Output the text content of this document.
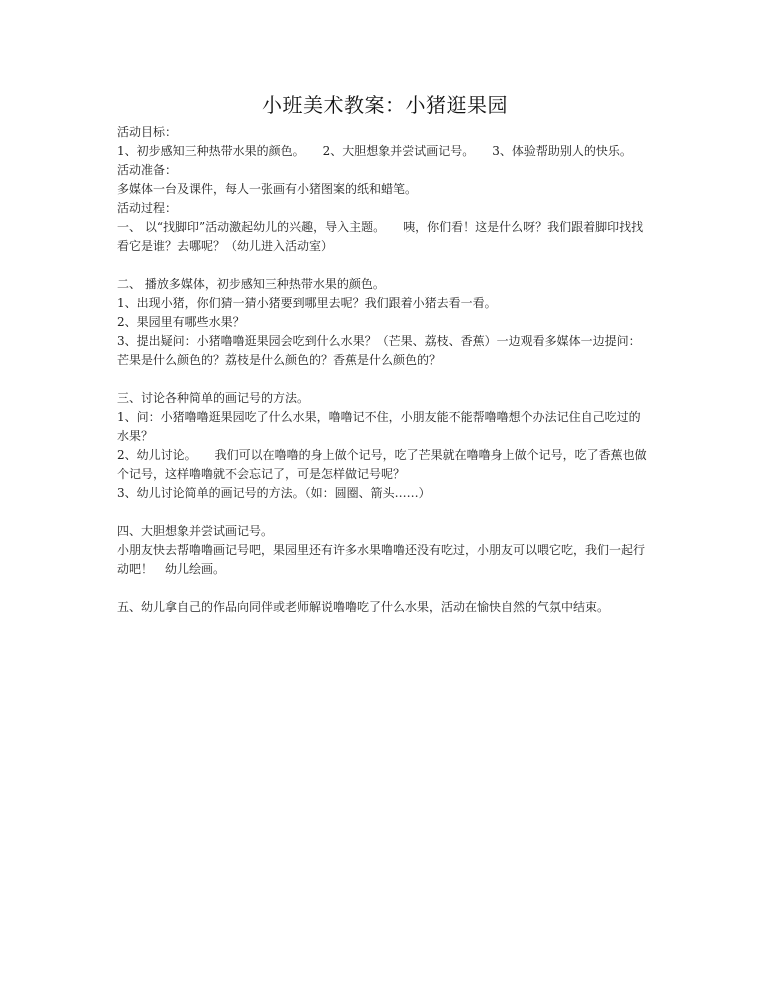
小班美术教案：小猪逛果园
活动目标：
1、初步感知三种热带水果的颜色。　　2、大胆想象并尝试画记号。　　3、体验帮助别人的快乐。
活动准备：
多媒体一台及课件，每人一张画有小猪图案的纸和蜡笔。
活动过程：
一、 以“找脚印”活动激起幼儿的兴趣，导入主题。　　咦，你们看！这是什么呀？我们跟着脚印找找看它是谁？去哪呢？（幼儿进入活动室）
二、 播放多媒体，初步感知三种热带水果的颜色。
1、出现小猪，你们猜一猜小猪要到哪里去呢？我们跟着小猪去看一看。
2、果园里有哪些水果？
3、提出疑问：小猪噜噜逛果园会吃到什么水果？（芒果、荔枝、香蕉）一边观看多媒体一边提问：芒果是什么颜色的？荔枝是什么颜色的？香蕉是什么颜色的？
三、讨论各种简单的画记号的方法。
1、问：小猪噜噜逛果园吃了什么水果，噜噜记不住，小朋友能不能帮噜噜想个办法记住自己吃过的水果？
2、幼儿讨论。　　我们可以在噜噜的身上做个记号，吃了芒果就在噜噜身上做个记号，吃了香蕉也做个记号，这样噜噜就不会忘记了，可是怎样做记号呢？
3、幼儿讨论简单的画记号的方法。（如：圆圈、箭头……）
四、大胆想象并尝试画记号。
小朋友快去帮噜噜画记号吧，果园里还有许多水果噜噜还没有吃过，小朋友可以喂它吃，我们一起行动吧！　幼儿绘画。
五、幼儿拿自己的作品向同伴或老师解说噜噜吃了什么水果，活动在愉快自然的气氛中结束。
